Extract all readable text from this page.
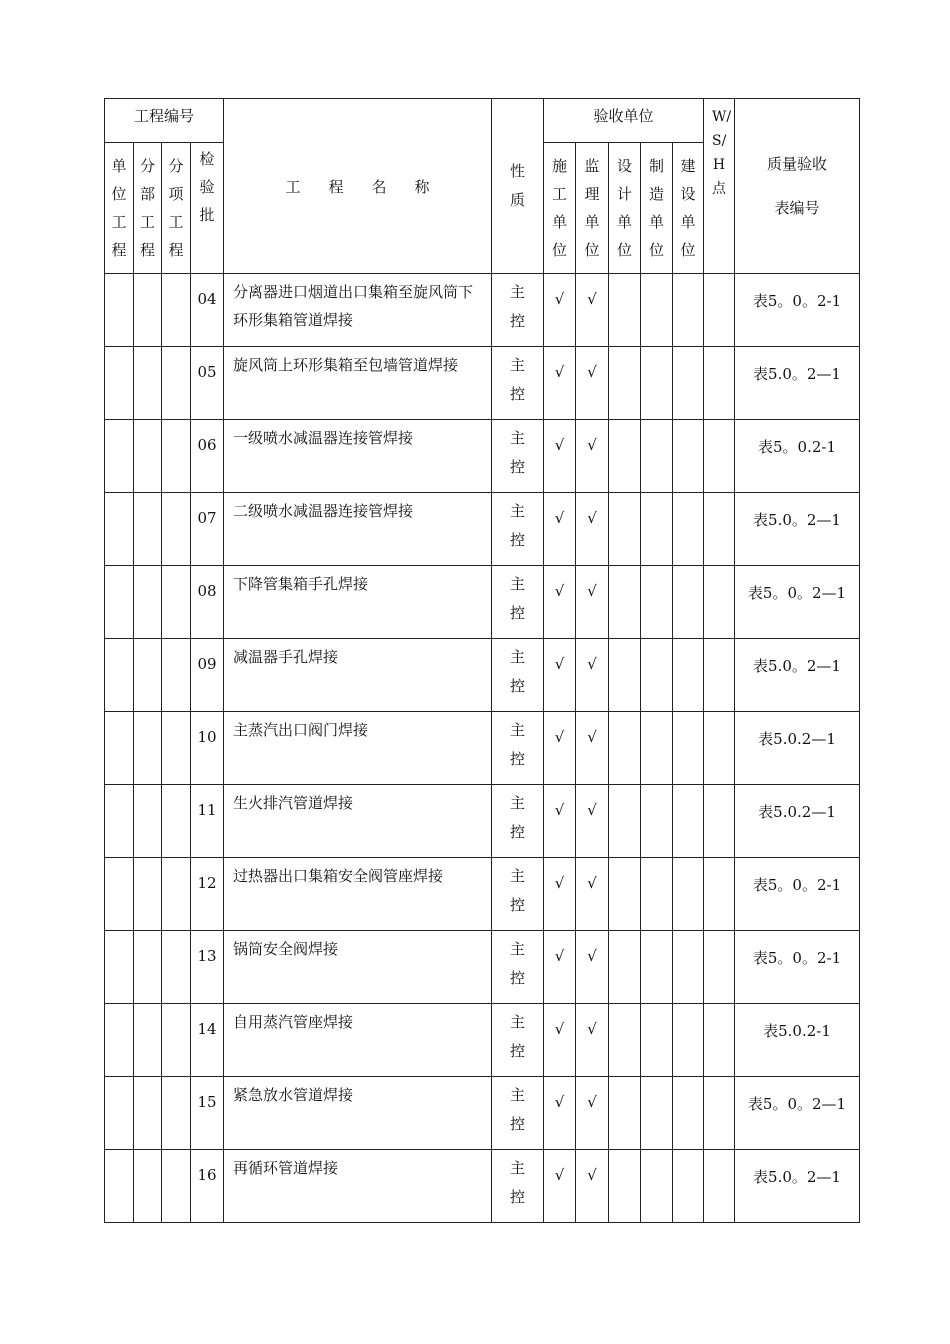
工程编号				工程名称	性质	验收单位					W/S/H点	质量验收表编号
单位工程	分部工程	分项工程	检验批			施工单位	监理单位	设计单位	制造单位	建设单位		
			04	分离器进口烟道出口集箱至旋风筒下环形集箱管道焊接	主控	√	√					表5。0。2-1
			05	旋风筒上环形集箱至包墙管道焊接	主控	√	√					表5.0。2—1
			06	一级喷水减温器连接管焊接	主控	√	√					表5。0.2-1
			07	二级喷水减温器连接管焊接	主控	√	√					表5.0。2—1
			08	下降管集箱手孔焊接	主控	√	√					表5。0。2—1
			09	减温器手孔焊接	主控	√	√					表5.0。2—1
			10	主蒸汽出口阀门焊接	主控	√	√					表5.0.2—1
			11	生火排汽管道焊接	主控	√	√					表5.0.2—1
			12	过热器出口集箱安全阀管座焊接	主控	√	√					表5。0。2-1
			13	锅筒安全阀焊接	主控	√	√					表5。0。2-1
			14	自用蒸汽管座焊接	主控	√	√					表5.0.2-1
			15	紧急放水管道焊接	主控	√	√					表5。0。2—1
			16	再循环管道焊接	主控	√	√					表5.0。2—1
